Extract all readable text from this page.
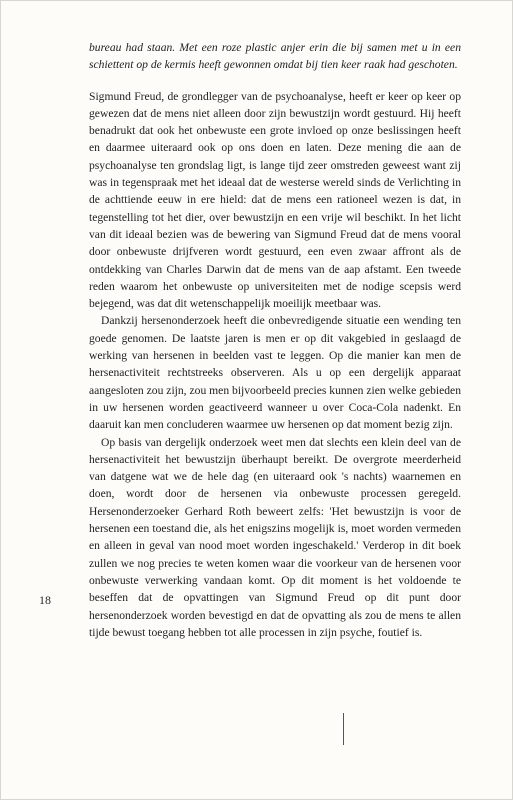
bureau had staan. Met een roze plastic anjer erin die bij samen met u in een schiettent op de kermis heeft gewonnen omdat bij tien keer raak had geschoten.

Sigmund Freud, de grondlegger van de psychoanalyse, heeft er keer op keer op gewezen dat de mens niet alleen door zijn bewustzijn wordt gestuurd. Hij heeft benadrukt dat ook het onbewuste een grote invloed op onze beslissingen heeft en daarmee uiteraard ook op ons doen en laten. Deze mening die aan de psychoanalyse ten grondslag ligt, is lange tijd zeer omstreden geweest want zij was in tegenspraak met het ideaal dat de westerse wereld sinds de Verlichting in de achttiende eeuw in ere hield: dat de mens een rationeel wezen is dat, in tegenstelling tot het dier, over bewustzijn en een vrije wil beschikt. In het licht van dit ideaal bezien was de bewering van Sigmund Freud dat de mens vooral door onbewuste drijfveren wordt gestuurd, een even zwaar affront als de ontdekking van Charles Darwin dat de mens van de aap afstamt. Een tweede reden waarom het onbewuste op universiteiten met de nodige scepsis werd bejegend, was dat dit wetenschappelijk moeilijk meetbaar was.

Dankzij hersenonderzoek heeft die onbevredigende situatie een wending ten goede genomen. De laatste jaren is men er op dit vakgebied in geslaagd de werking van hersenen in beelden vast te leggen. Op die manier kan men de hersenactiviteit rechtstreeks observeren. Als u op een dergelijk apparaat aangesloten zou zijn, zou men bijvoorbeeld precies kunnen zien welke gebieden in uw hersenen worden geactiveerd wanneer u over Coca-Cola nadenkt. En daaruit kan men concluderen waarmee uw hersenen op dat moment bezig zijn.

Op basis van dergelijk onderzoek weet men dat slechts een klein deel van de hersenactiviteit het bewustzijn überhaupt bereikt. De overgrote meerderheid van datgene wat we de hele dag (en uiteraard ook 's nachts) waarnemen en doen, wordt door de hersenen via onbewuste processen geregeld. Hersenonderzoeker Gerhard Roth beweert zelfs: 'Het bewustzijn is voor de hersenen een toestand die, als het enigszins mogelijk is, moet worden vermeden en alleen in geval van nood moet worden ingeschakeld.' Verderop in dit boek zullen we nog precies te weten komen waar die voorkeur van de hersenen voor onbewuste verwerking vandaan komt. Op dit moment is het voldoende te beseffen dat de opvattingen van Sigmund Freud op dit punt door hersenonderzoek worden bevestigd en dat de opvatting als zou de mens te allen tijde bewust toegang hebben tot alle processen in zijn psyche, foutief is.

18
